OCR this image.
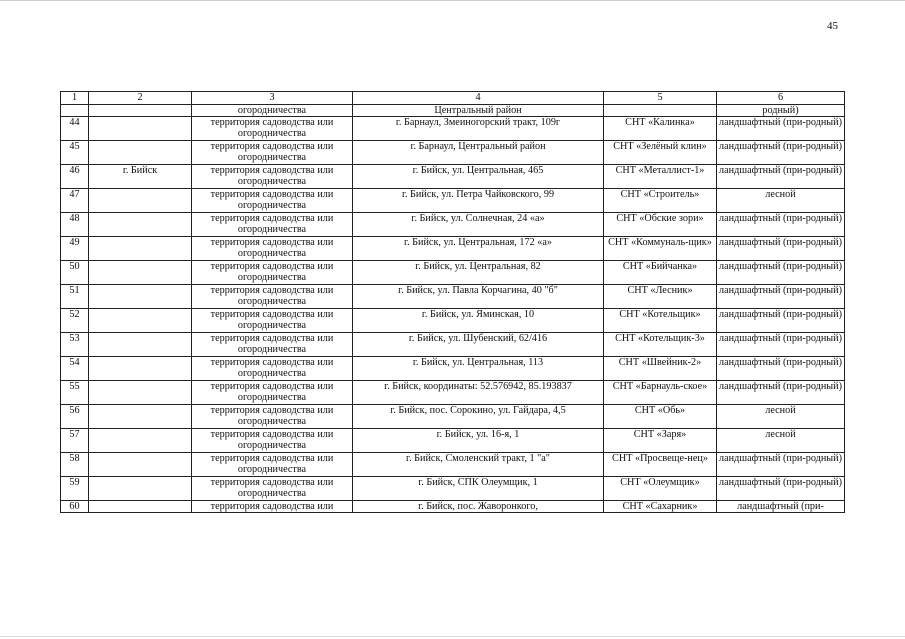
45
1	2	3	4	5	6
		огородничества	Центральный район		родный)
44		территория садоводства или огородничества	г. Барнаул, Змеиногорский тракт, 109г	СНТ «Калинка»	ландшафтный (при-родный)
45		территория садоводства или огородничества	г. Барнаул, Центральный район	СНТ «Зелёный клин»	ландшафтный (при-родный)
46	г. Бийск	территория садоводства или огородничества	г. Бийск, ул. Центральная, 465	СНТ «Металлист-1»	ландшафтный (при-родный)
47		территория садоводства или огородничества	г. Бийск, ул. Петра Чайковского, 99	СНТ «Строитель»	лесной
48		территория садоводства или огородничества	г. Бийск, ул. Солнечная, 24 «а»	СНТ «Обские зори»	ландшафтный (при-родный)
49		территория садоводства или огородничества	г. Бийск, ул. Центральная, 172 «а»	СНТ «Коммуналь-щик»	ландшафтный (при-родный)
50		территория садоводства или огородничества	г. Бийск, ул. Центральная, 82	СНТ «Бийчанка»	ландшафтный (при-родный)
51		территория садоводства или огородничества	г. Бийск, ул. Павла Корчагина, 40 "б"	СНТ «Лесник»	ландшафтный (при-родный)
52		территория садоводства или огородничества	г. Бийск, ул. Яминская, 10	СНТ «Котельщик»	ландшафтный (при-родный)
53		территория садоводства или огородничества	г. Бийск, ул. Шубенский, 62/416	СНТ «Котельщик-3»	ландшафтный (при-родный)
54		территория садоводства или огородничества	г. Бийск, ул. Центральная, 113	СНТ «Швейник-2»	ландшафтный (при-родный)
55		территория садоводства или огородничества	г. Бийск, координаты: 52.576942, 85.193837	СНТ «Барнауль-ское»	ландшафтный (при-родный)
56		территория садоводства или огородничества	г. Бийск, пос. Сорокино, ул. Гайдара, 4,5	СНТ «Обь»	лесной
57		территория садоводства или огородничества	г. Бийск, ул. 16-я, 1	СНТ «Заря»	лесной
58		территория садоводства или огородничества	г. Бийск, Смоленский тракт, 1 "а"	СНТ «Просвеще-нец»	ландшафтный (при-родный)
59		территория садоводства или огородничества	г. Бийск, СПК Олеумщик, 1	СНТ «Олеумщик»	ландшафтный (при-родный)
60		территория садоводства или	г. Бийск, пос. Жаворонкого,	СНТ «Сахарник»	ландшафтный (при-
